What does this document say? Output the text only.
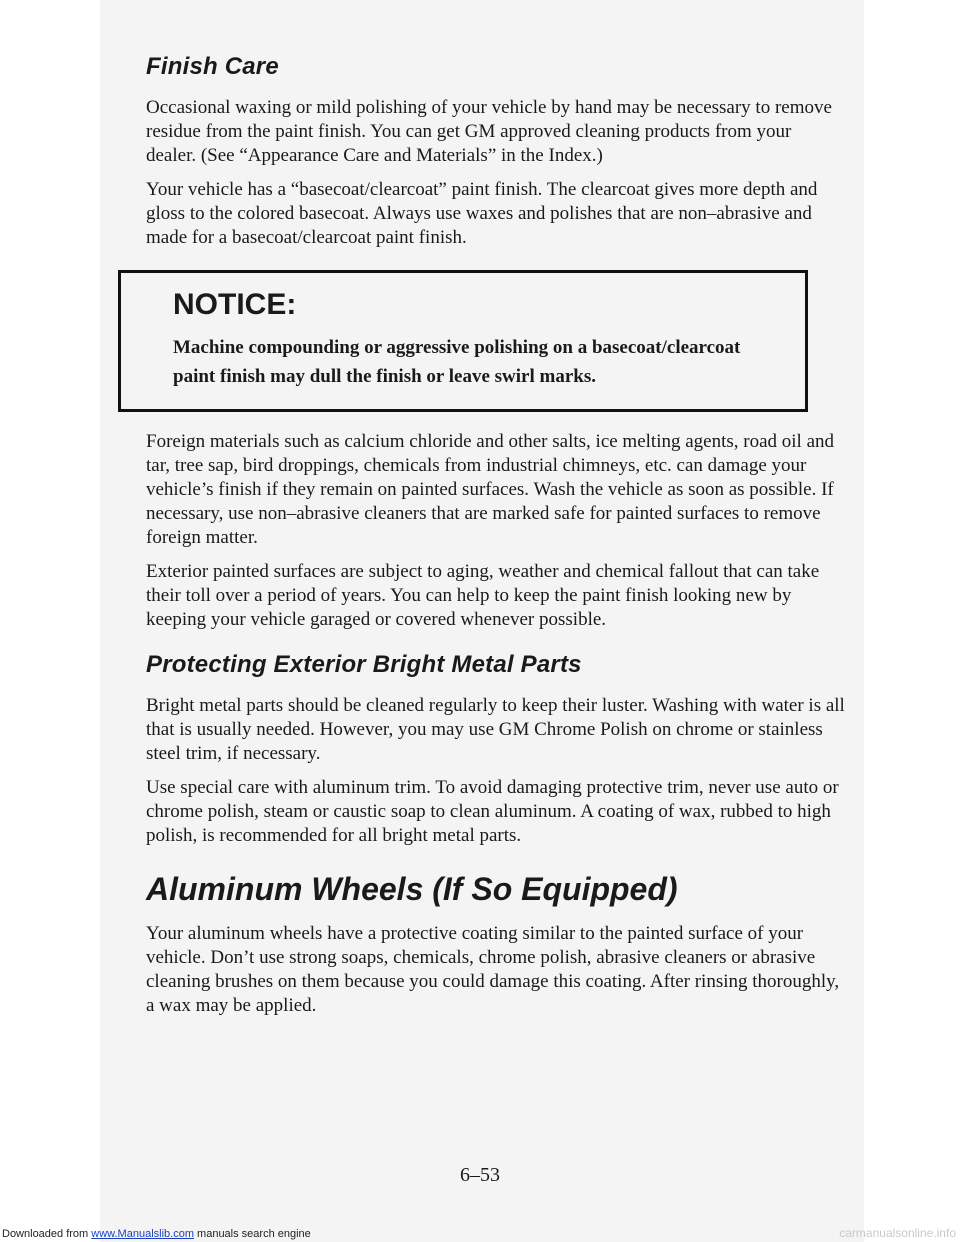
Finish Care

Occasional waxing or mild polishing of your vehicle by hand may be necessary to remove residue from the paint finish. You can get GM approved cleaning products from your dealer. (See “Appearance Care and Materials” in the Index.)

Your vehicle has a “basecoat/clearcoat” paint finish. The clearcoat gives more depth and gloss to the colored basecoat. Always use waxes and polishes that are non–abrasive and made for a basecoat/clearcoat paint finish.

NOTICE:

Machine compounding or aggressive polishing on a basecoat/clearcoat paint finish may dull the finish or leave swirl marks.

Foreign materials such as calcium chloride and other salts, ice melting agents, road oil and tar, tree sap, bird droppings, chemicals from industrial chimneys, etc. can damage your vehicle’s finish if they remain on painted surfaces. Wash the vehicle as soon as possible. If necessary, use non–abrasive cleaners that are marked safe for painted surfaces to remove foreign matter.

Exterior painted surfaces are subject to aging, weather and chemical fallout that can take their toll over a period of years. You can help to keep the paint finish looking new by keeping your vehicle garaged or covered whenever possible.

Protecting Exterior Bright Metal Parts

Bright metal parts should be cleaned regularly to keep their luster. Washing with water is all that is usually needed. However, you may use GM Chrome Polish on chrome or stainless steel trim, if necessary.

Use special care with aluminum trim. To avoid damaging protective trim, never use auto or chrome polish, steam or caustic soap to clean aluminum. A coating of wax, rubbed to high polish, is recommended for all bright metal parts.

Aluminum Wheels (If So Equipped)

Your aluminum wheels have a protective coating similar to the painted surface of your vehicle. Don’t use strong soaps, chemicals, chrome polish, abrasive cleaners or abrasive cleaning brushes on them because you could damage this coating. After rinsing thoroughly, a wax may be applied.

6–53
Downloaded from www.Manualslib.com manuals search engine	carmanualsonline.info
